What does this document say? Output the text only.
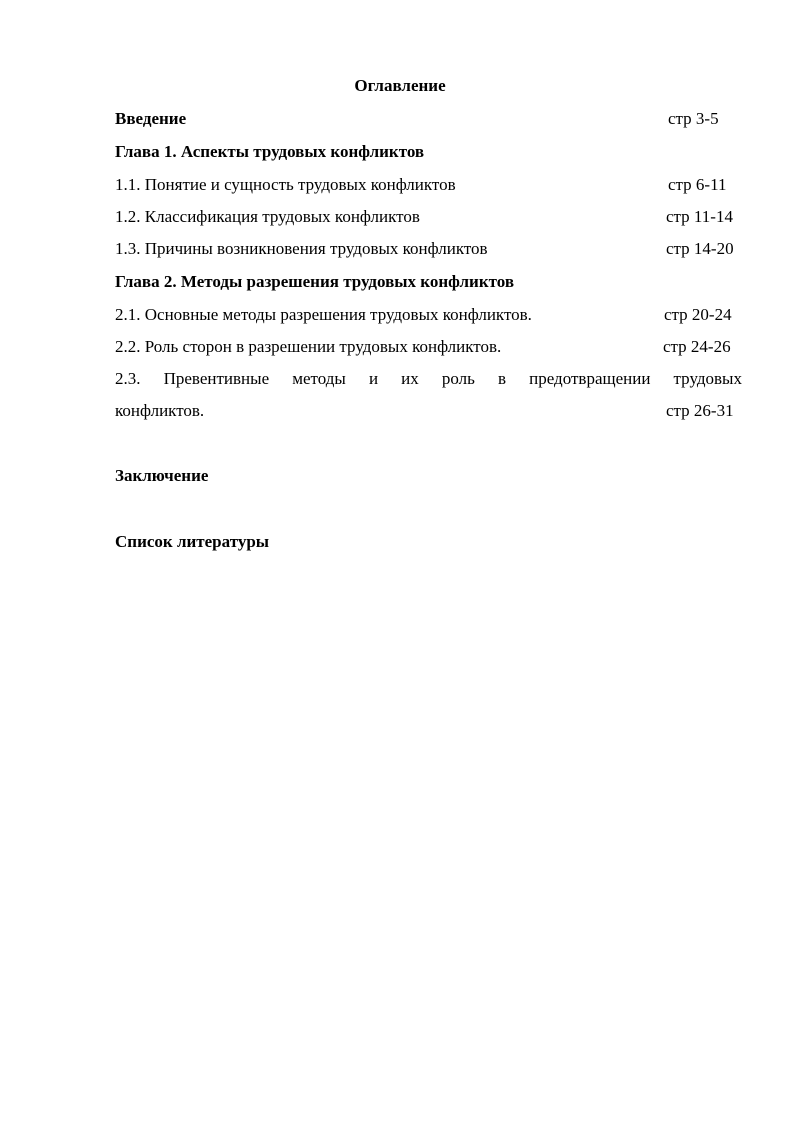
Оглавление
Введение	стр 3-5
Глава 1. Аспекты трудовых конфликтов
1.1. Понятие и сущность трудовых конфликтов	стр 6-11
1.2. Классификация трудовых конфликтов	стр 11-14
1.3. Причины возникновения трудовых конфликтов	стр 14-20
Глава 2. Методы разрешения трудовых конфликтов
2.1. Основные методы разрешения трудовых конфликтов.	стр 20-24
2.2. Роль сторон в разрешении трудовых конфликтов.	стр 24-26
2.3. Превентивные методы и их роль в предотвращении трудовых
конфликтов.	стр 26-31
Заключение
Список литературы
